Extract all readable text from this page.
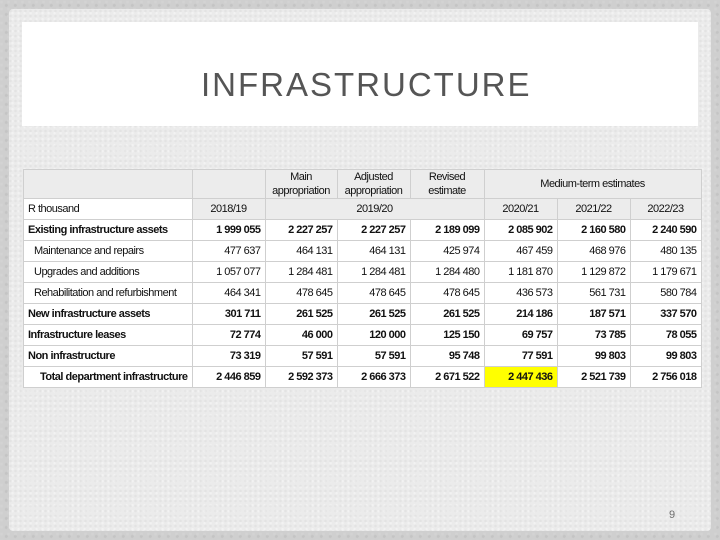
INFRASTRUCTURE
		Main appropriation	Adjusted appropriation	Revised estimate	Medium-term estimates		
R thousand	2018/19	2019/20			2020/21	2021/22	2022/23
Existing infrastructure assets	1 999 055	2 227 257	2 227 257	2 189 099	2 085 902	2 160 580	2 240 590
Maintenance and repairs	477 637	464 131	464 131	425 974	467 459	468 976	480 135
Upgrades and additions	1 057 077	1 284 481	1 284 481	1 284 480	1 181 870	1 129 872	1 179 671
Rehabilitation and refurbishment	464 341	478 645	478 645	478 645	436 573	561 731	580 784
New infrastructure assets	301 711	261 525	261 525	261 525	214 186	187 571	337 570
Infrastructure leases	72 774	46 000	120 000	125 150	69 757	73 785	78 055
Non infrastructure	73 319	57 591	57 591	95 748	77 591	99 803	99 803
Total department infrastructure	2 446 859	2 592 373	2 666 373	2 671 522	2 447 436	2 521 739	2 756 018
9
